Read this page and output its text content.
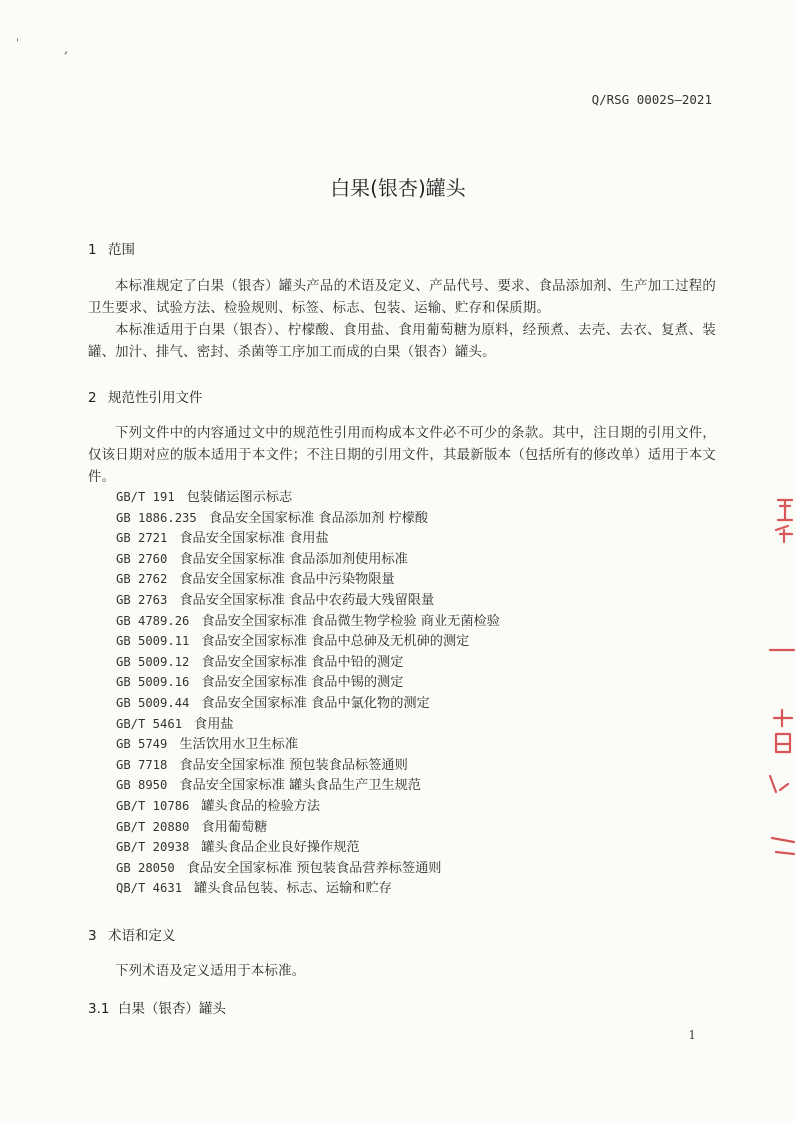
'	,
Q/RSG 0002S—2021
白果(银杏)罐头
1 范围

本标准规定了白果（银杏）罐头产品的术语及定义、产品代号、要求、食品添加剂、生产加工过程的卫生要求、试验方法、检验规则、标签、标志、包装、运输、贮存和保质期。

本标准适用于白果（银杏）、柠檬酸、食用盐、食用葡萄糖为原料，经预煮、去壳、去衣、复煮、装罐、加汁、排气、密封、杀菌等工序加工而成的白果（银杏）罐头。

2 规范性引用文件

下列文件中的内容通过文中的规范性引用而构成本文件必不可少的条款。其中，注日期的引用文件，仅该日期对应的版本适用于本文件；不注日期的引用文件，其最新版本（包括所有的修改单）适用于本文件。

GB/T 191 包装储运图示标志
GB 1886.235 食品安全国家标准 食品添加剂 柠檬酸
GB 2721 食品安全国家标准 食用盐
GB 2760 食品安全国家标准 食品添加剂使用标准
GB 2762 食品安全国家标准 食品中污染物限量
GB 2763 食品安全国家标准 食品中农药最大残留限量
GB 4789.26 食品安全国家标准 食品微生物学检验 商业无菌检验
GB 5009.11 食品安全国家标准 食品中总砷及无机砷的测定
GB 5009.12 食品安全国家标准 食品中铅的测定
GB 5009.16 食品安全国家标准 食品中锡的测定
GB 5009.44 食品安全国家标准 食品中氯化物的测定
GB/T 5461 食用盐
GB 5749 生活饮用水卫生标准
GB 7718 食品安全国家标准 预包装食品标签通则
GB 8950 食品安全国家标准 罐头食品生产卫生规范
GB/T 10786 罐头食品的检验方法
GB/T 20880 食用葡萄糖
GB/T 20938 罐头食品企业良好操作规范
GB 28050 食品安全国家标准 预包装食品营养标签通则
QB/T 4631 罐头食品包装、标志、运输和贮存
3 术语和定义

下列术语及定义适用于本标准。

3.1 白果（银杏）罐头
1
